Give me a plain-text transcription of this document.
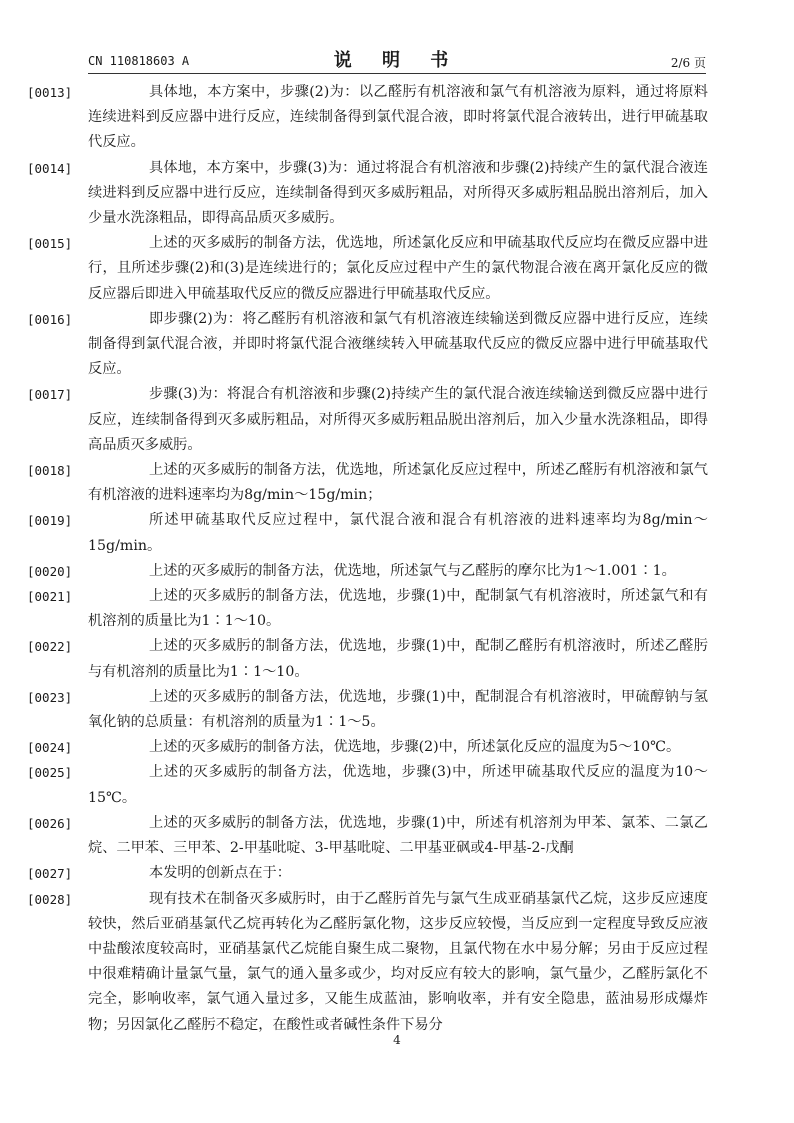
CN 110818603 A	说 明 书	2/6 页

[0013]	具体地，本方案中，步骤(2)为：以乙醛肟有机溶液和氯气有机溶液为原料，通过将原料连续进料到反应器中进行反应，连续制备得到氯代混合液，即时将氯代混合液转出，进行甲硫基取代反应。

[0014]	具体地，本方案中，步骤(3)为：通过将混合有机溶液和步骤(2)持续产生的氯代混合液连续进料到反应器中进行反应，连续制备得到灭多威肟粗品，对所得灭多威肟粗品脱出溶剂后，加入少量水洗涤粗品，即得高品质灭多威肟。

[0015]	上述的灭多威肟的制备方法，优选地，所述氯化反应和甲硫基取代反应均在微反应器中进行，且所述步骤(2)和(3)是连续进行的；氯化反应过程中产生的氯代物混合液在离开氯化反应的微反应器后即进入甲硫基取代反应的微反应器进行甲硫基取代反应。

[0016]	即步骤(2)为：将乙醛肟有机溶液和氯气有机溶液连续输送到微反应器中进行反应，连续制备得到氯代混合液，并即时将氯代混合液继续转入甲硫基取代反应的微反应器中进行甲硫基取代反应。

[0017]	步骤(3)为：将混合有机溶液和步骤(2)持续产生的氯代混合液连续输送到微反应器中进行反应，连续制备得到灭多威肟粗品，对所得灭多威肟粗品脱出溶剂后，加入少量水洗涤粗品，即得高品质灭多威肟。

[0018]	上述的灭多威肟的制备方法，优选地，所述氯化反应过程中，所述乙醛肟有机溶液和氯气有机溶液的进料速率均为8g/min～15g/min；

[0019]	所述甲硫基取代反应过程中，氯代混合液和混合有机溶液的进料速率均为8g/min～15g/min。

[0020]	上述的灭多威肟的制备方法，优选地，所述氯气与乙醛肟的摩尔比为1～1.001∶1。

[0021]	上述的灭多威肟的制备方法，优选地，步骤(1)中，配制氯气有机溶液时，所述氯气和有机溶剂的质量比为1∶1～10。

[0022]	上述的灭多威肟的制备方法，优选地，步骤(1)中，配制乙醛肟有机溶液时，所述乙醛肟与有机溶剂的质量比为1∶1～10。

[0023]	上述的灭多威肟的制备方法，优选地，步骤(1)中，配制混合有机溶液时，甲硫醇钠与氢氧化钠的总质量：有机溶剂的质量为1∶1～5。

[0024]	上述的灭多威肟的制备方法，优选地，步骤(2)中，所述氯化反应的温度为5～10℃。

[0025]	上述的灭多威肟的制备方法，优选地，步骤(3)中，所述甲硫基取代反应的温度为10～15℃。

[0026]	上述的灭多威肟的制备方法，优选地，步骤(1)中，所述有机溶剂为甲苯、氯苯、二氯乙烷、二甲苯、三甲苯、2-甲基吡啶、3-甲基吡啶、二甲基亚砜或4-甲基-2-戊酮

[0027]	本发明的创新点在于：

[0028]	现有技术在制备灭多威肟时，由于乙醛肟首先与氯气生成亚硝基氯代乙烷，这步反应速度较快，然后亚硝基氯代乙烷再转化为乙醛肟氯化物，这步反应较慢，当反应到一定程度导致反应液中盐酸浓度较高时，亚硝基氯代乙烷能自聚生成二聚物，且氯代物在水中易分解；另由于反应过程中很难精确计量氯气量，氯气的通入量多或少，均对反应有较大的影响，氯气量少，乙醛肟氯化不完全，影响收率，氯气通入量过多，又能生成蓝油，影响收率，并有安全隐患，蓝油易形成爆炸物；另因氯化乙醛肟不稳定，在酸性或者碱性条件下易分

4
